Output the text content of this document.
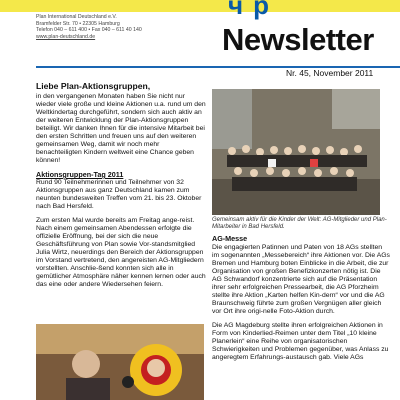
чр
Plan International Deutschland e.V.
Bramfelder Str. 70 • 22305 Hamburg
Telefon 040 – 611 400 • Fax 040 – 611 40 140
www.plan-deutschland.de	Newsletter
Nr. 45, November 2011
Liebe Plan-Aktionsgruppen,

in den vergangenen Monaten haben Sie nicht nur wieder viele große und kleine Aktionen u.a. rund um den Weltkindertag durchgeführt, sondern sich auch aktiv an der weiteren Entwicklung der Plan-Aktionsgruppen beteiligt. Wir danken Ihnen für die intensive Mitarbeit bei den ersten Schritten und freuen uns auf den weiteren gemeinsamen Weg, damit wir noch mehr benachteiligten Kindern weltweit eine Chance geben können!

Aktionsgruppen-Tag 2011

Rund 90 Teilnehmerinnen und Teilnehmer von 32 Aktionsgruppen aus ganz Deutschland kamen zum neunten bundesweiten Treffen vom 21. bis 23. Oktober nach Bad Hersfeld.

Zum ersten Mal wurde bereits am Freitag ange-reist. Nach einem gemeinsamen Abendessen erfolgte die offizielle Eröffnung, bei der sich die neue Geschäftsführung von Plan sowie Vor-standsmitglied Julia Wirtz, neuerdings den Bereich der Aktionsgruppen im Vorstand vertretend, den angereisten AG-Mitgliedern vorstellten. Anschlie-ßend konnten sich alle in gemütlicher Atmosphäre näher kennen lernen oder auch das eine oder andere Wiedersehen feiern.

Gemeinsam aktiv für die Kinder der Welt: AG-Mitglieder und Plan-Mitarbeiter in Bad Hersfeld.
AG-Messe

Die engagierten Patinnen und Paten von 18 AGs stellten im sogenannten „Messebereich“ ihre Aktionen vor. Die AGs Bremen und Hamburg boten Einblicke in die Arbeit, die zur Organisation von großen Benefizkonzerten nötig ist. Die AG Schwandorf konzentrierte sich auf die Präsentation ihrer sehr erfolgreichen Pressearbeit, die AG Pforzheim stellte ihre Aktion „Karten helfen Kin-dern“ vor und die AG Braunschweig führte zum großen Vergnügen aller gleich vor Ort ihre origi-nelle Foto-Aktion durch.

Die AG Magdeburg stellte ihren erfolgreichen Aktionen in Form von Kinderlied-Reimen unter dem Titel „10 kleine Planerlein“ eine Reihe von organisatorischen Schwierigkeiten und Problemen gegenüber, was Anlass zu angeregtem Erfahrungs-austausch gab. Viele AGs
